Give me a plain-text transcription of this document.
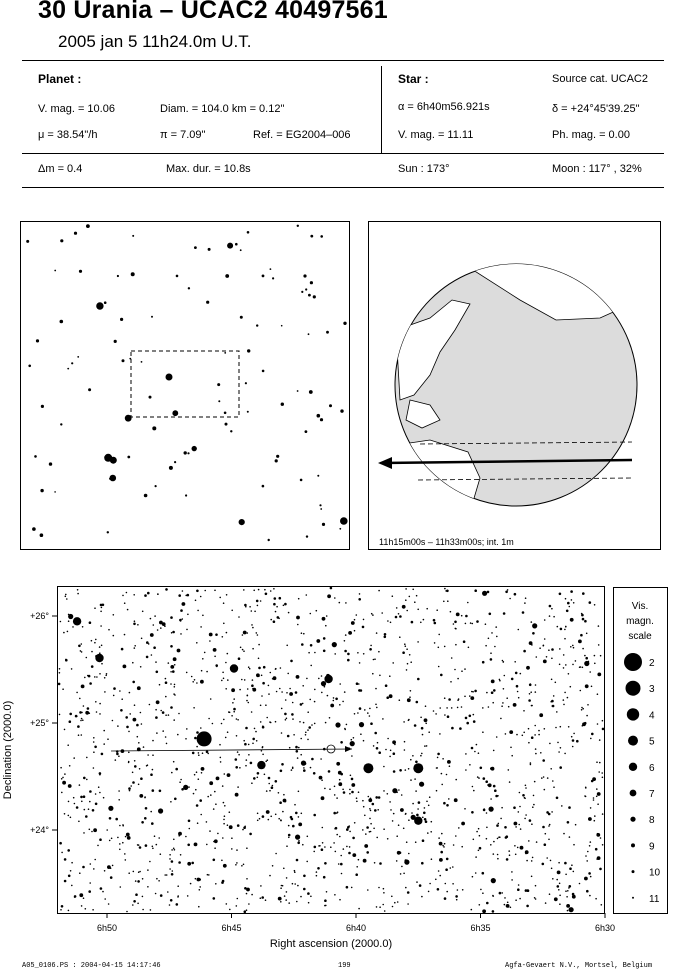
30 Urania – UCAC2 40497561
2005 jan 5 11h24.0m U.T.
Planet :
V. mag. = 10.06	Diam. = 104.0 km = 0.12"
μ = 38.54"/h	π = 7.09"	Ref. = EG2004–006
Star :	Source cat. UCAC2
α = 6h40m56.921s	δ = +24°45'39.25"
V. mag. = 11.11	Ph. mag. = 0.00
Δm = 0.4	Max. dur. = 10.8s	Sun : 173°	Moon : 117° , 32%
11h15m00s – 11h33m00s; int. 1m
6h50	6h45	6h40	6h35	6h30
+26°
+25°
+24°
Right ascension (2000.0)
Declination (2000.0)
Vis.
magn.
scale
2
3
4
5
6
7
8
9
10
11
A05_0106.PS : 2004-04-15 14:17:46	199	Agfa-Gevaert N.V., Mortsel, Belgium
